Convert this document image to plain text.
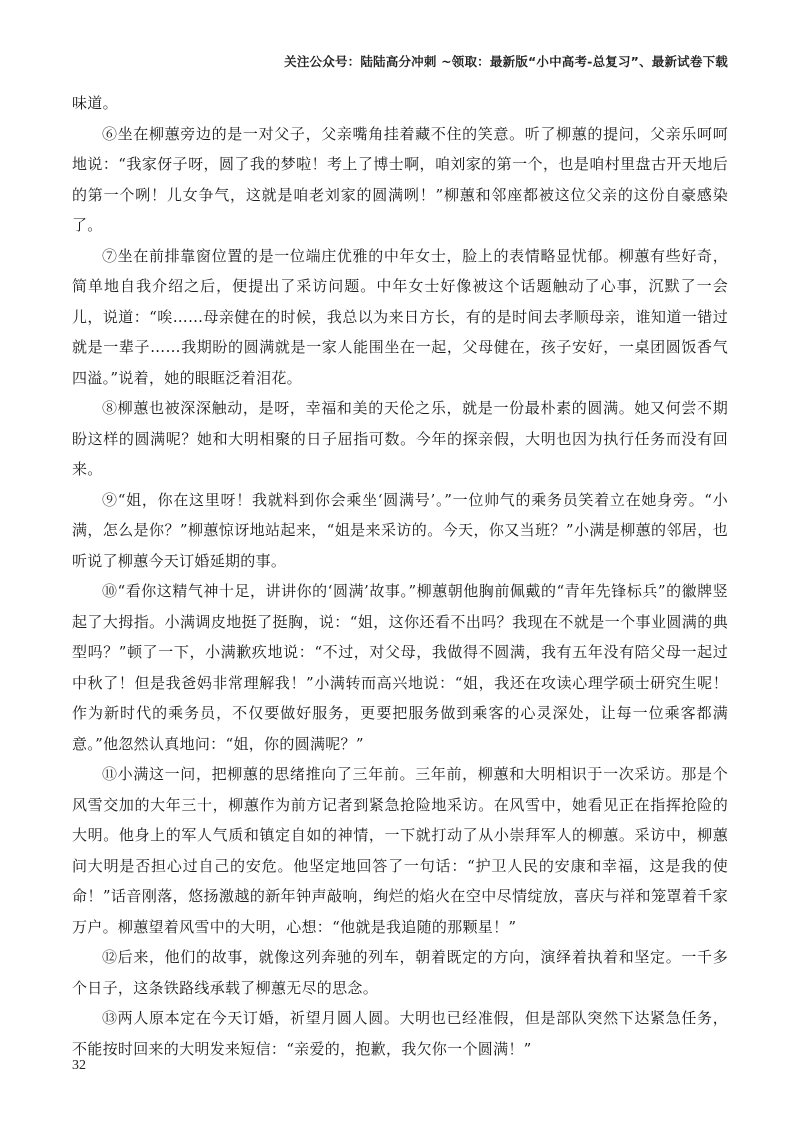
关注公众号：陆陆高分冲刺 ~领取：最新版“小中高考-总复习”、最新试卷下载

味道。

⑥坐在柳蕙旁边的是一对父子，父亲嘴角挂着藏不住的笑意。听了柳蕙的提问，父亲乐呵呵地说：“我家伢子呀，圆了我的梦啦！考上了博士啊，咱刘家的第一个，也是咱村里盘古开天地后的第一个咧！儿女争气，这就是咱老刘家的圆满咧！”柳蕙和邻座都被这位父亲的这份自豪感染了。

⑦坐在前排靠窗位置的是一位端庄优雅的中年女士，脸上的表情略显忧郁。柳蕙有些好奇，简单地自我介绍之后，便提出了采访问题。中年女士好像被这个话题触动了心事，沉默了一会儿，说道：“唉……母亲健在的时候，我总以为来日方长，有的是时间去孝顺母亲，谁知道一错过就是一辈子……我期盼的圆满就是一家人能围坐在一起，父母健在，孩子安好，一桌团圆饭香气四溢。”说着，她的眼眶泛着泪花。

⑧柳蕙也被深深触动，是呀，幸福和美的天伦之乐，就是一份最朴素的圆满。她又何尝不期盼这样的圆满呢？她和大明相聚的日子屈指可数。今年的探亲假，大明也因为执行任务而没有回来。

⑨“姐，你在这里呀！我就料到你会乘坐‘圆满号’。”一位帅气的乘务员笑着立在她身旁。“小满，怎么是你？”柳蕙惊讶地站起来，“姐是来采访的。今天，你又当班？”小满是柳蕙的邻居，也听说了柳蕙今天订婚延期的事。

⑩“看你这精气神十足，讲讲你的‘圆满’故事。”柳蕙朝他胸前佩戴的“青年先锋标兵”的徽牌竖起了大拇指。小满调皮地挺了挺胸，说：“姐，这你还看不出吗？我现在不就是一个事业圆满的典型吗？”顿了一下，小满歉疚地说：“不过，对父母，我做得不圆满，我有五年没有陪父母一起过中秋了！但是我爸妈非常理解我！”小满转而高兴地说：“姐，我还在攻读心理学硕士研究生呢！作为新时代的乘务员，不仅要做好服务，更要把服务做到乘客的心灵深处，让每一位乘客都满意。”他忽然认真地问：“姐，你的圆满呢？”

⑪小满这一问，把柳蕙的思绪推向了三年前。三年前，柳蕙和大明相识于一次采访。那是个风雪交加的大年三十，柳蕙作为前方记者到紧急抢险地采访。在风雪中，她看见正在指挥抢险的大明。他身上的军人气质和镇定自如的神情，一下就打动了从小崇拜军人的柳蕙。采访中，柳蕙问大明是否担心过自己的安危。他坚定地回答了一句话：“护卫人民的安康和幸福，这是我的使命！”话音刚落，悠扬激越的新年钟声敲响，绚烂的焰火在空中尽情绽放，喜庆与祥和笼罩着千家万户。柳蕙望着风雪中的大明，心想：“他就是我追随的那颗星！”

⑫后来，他们的故事，就像这列奔驰的列车，朝着既定的方向，演绎着执着和坚定。一千多个日子，这条铁路线承载了柳蕙无尽的思念。

⑬两人原本定在今天订婚，祈望月圆人圆。大明也已经准假，但是部队突然下达紧急任务，不能按时回来的大明发来短信：“亲爱的，抱歉，我欠你一个圆满！”

32
